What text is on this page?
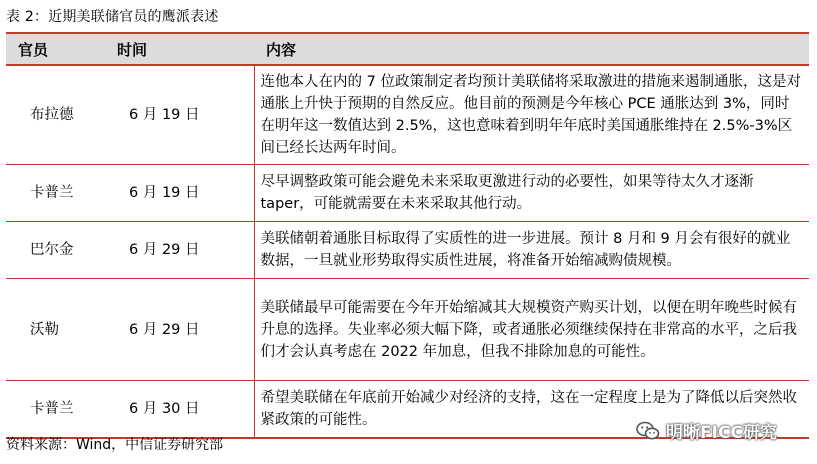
表 2：近期美联储官员的鹰派表述
官员	时间	内容
布拉德	6 月 19 日	连他本人在内的 7 位政策制定者均预计美联储将采取激进的措施来遏制通胀，这是对通胀上升快于预期的自然反应。他目前的预测是今年核心 PCE 通胀达到 3%，同时在明年这一数值达到 2.5%，这也意味着到明年年底时美国通胀维持在 2.5%-3%区间已经长达两年时间。
卡普兰	6 月 19 日	尽早调整政策可能会避免未来采取更激进行动的必要性，如果等待太久才逐渐 taper，可能就需要在未来采取其他行动。
巴尔金	6 月 29 日	美联储朝着通胀目标取得了实质性的进一步进展。预计 8 月和 9 月会有很好的就业数据，一旦就业形势取得实质性进展，将准备开始缩减购债规模。
沃勒	6 月 29 日	美联储最早可能需要在今年开始缩减其大规模资产购买计划，以便在明年晚些时候有升息的选择。失业率必须大幅下降，或者通胀必须继续保持在非常高的水平，之后我们才会认真考虑在 2022 年加息，但我不排除加息的可能性。
卡普兰	6 月 30 日	希望美联储在年底前开始减少对经济的支持，这在一定程度上是为了降低以后突然收紧政策的可能性。
资料来源：Wind，中信证券研究部
明晰FICC研究
